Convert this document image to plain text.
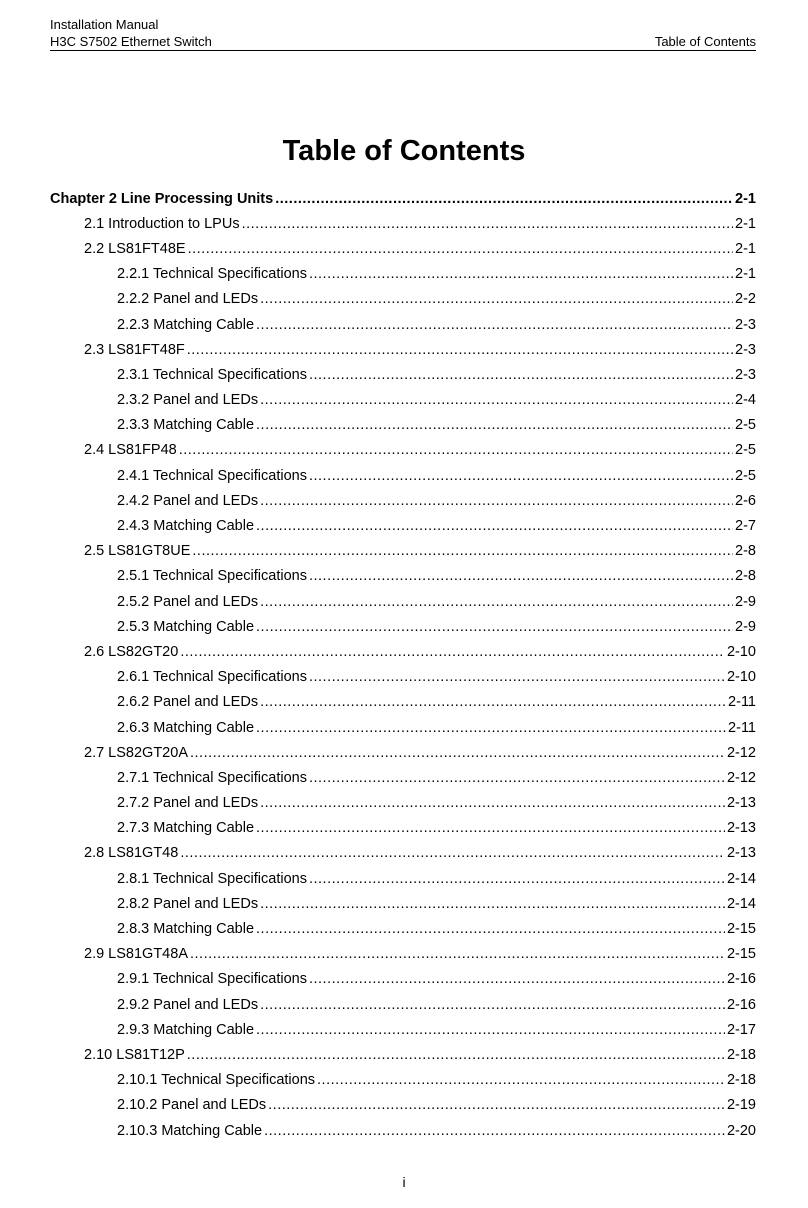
Installation Manual
H3C S7502 Ethernet Switch	Table of Contents
Table of Contents
Chapter 2 Line Processing Units .....	2-1
2.1 Introduction to LPUs .....	2-1
2.2 LS81FT48E .....	2-1
2.2.1 Technical Specifications .....	2-1
2.2.2 Panel and LEDs .....	2-2
2.2.3 Matching Cable .....	2-3
2.3 LS81FT48F .....	2-3
2.3.1 Technical Specifications .....	2-3
2.3.2 Panel and LEDs .....	2-4
2.3.3 Matching Cable .....	2-5
2.4 LS81FP48 .....	2-5
2.4.1 Technical Specifications .....	2-5
2.4.2 Panel and LEDs .....	2-6
2.4.3 Matching Cable .....	2-7
2.5 LS81GT8UE .....	2-8
2.5.1 Technical Specifications .....	2-8
2.5.2 Panel and LEDs .....	2-9
2.5.3 Matching Cable .....	2-9
2.6 LS82GT20 .....	2-10
2.6.1 Technical Specifications .....	2-10
2.6.2 Panel and LEDs .....	2-11
2.6.3 Matching Cable .....	2-11
2.7 LS82GT20A .....	2-12
2.7.1 Technical Specifications .....	2-12
2.7.2 Panel and LEDs .....	2-13
2.7.3 Matching Cable .....	2-13
2.8 LS81GT48 .....	2-13
2.8.1 Technical Specifications .....	2-14
2.8.2 Panel and LEDs .....	2-14
2.8.3 Matching Cable .....	2-15
2.9 LS81GT48A .....	2-15
2.9.1 Technical Specifications .....	2-16
2.9.2 Panel and LEDs .....	2-16
2.9.3 Matching Cable .....	2-17
2.10 LS81T12P .....	2-18
2.10.1 Technical Specifications .....	2-18
2.10.2 Panel and LEDs .....	2-19
2.10.3 Matching Cable .....	2-20
i
